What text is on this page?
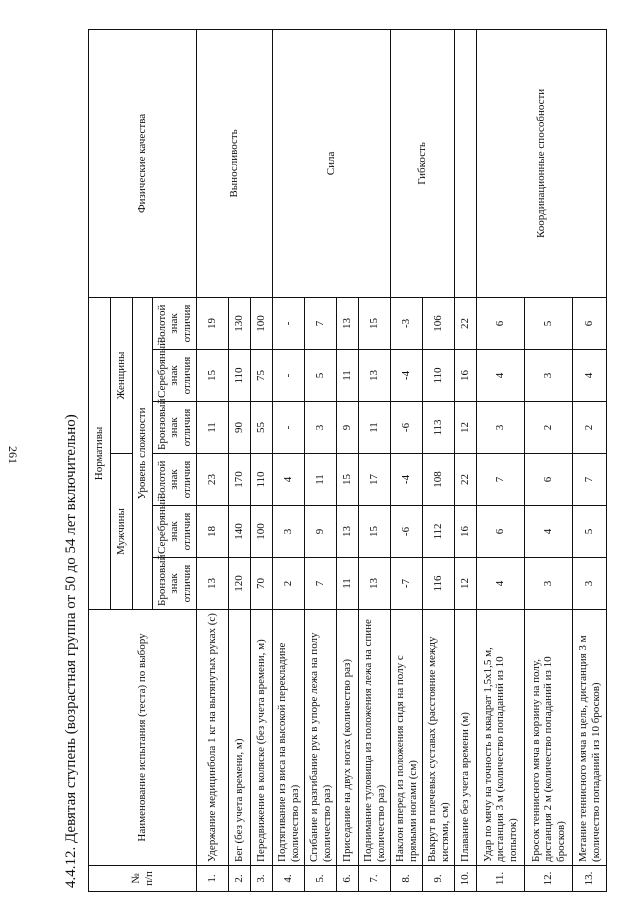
261	4.4.12. Девятая ступень (возрастная группа от 50 до 54 лет включительно)	№ п/п	Наименование испытания (теста) по выбору	Нормативы						Физические качества
		Мужчины			Женщины			
		Уровень сложности						
		Бронзовый знак отличия	Серебряный знак отличия	Золотой знак отличия	Бронзовый знак отличия	Серебряный знак отличия	Золотой знак отличия	
1.	Удержание медицинбола 1 кг на вытянутых руках (с)	13	18	23	11	15	19	Выносливость
2.	Бег (без учета времени, м)	120	140	170	90	110	130	
3.	Передвижение в коляске (без учета времени, м)	70	100	110	55	75	100	
4.	Подтягивание из виса на высокой перекладине (количество раз)	2	3	4	-	-	-	Сила
5.	Сгибание и разгибание рук в упоре лежа на полу (количество раз)	7	9	11	3	5	7	
6.	Приседание на двух ногах (количество раз)	11	13	15	9	11	13	
7.	Поднимание туловища из положения лежа на спине (количество раз)	13	15	17	11	13	15	
8.	Наклон вперед из положения сидя на полу с прямыми ногами (см)	-7	-6	-4	-6	-4	-3	Гибкость
9.	Выкрут в плечевых суставах (расстояние между кистями, см)	116	112	108	113	110	106	
10.	Плавание без учета времени (м)	12	16	22	12	16	22	
11.	Удар по мячу на точность в квадрат 1,5х1,5 м, дистанция 3 м (количество попаданий из 10 попыток)	4	6	7	3	4	6	Координационные способности
12.	Бросок теннисного мяча в корзину на полу, дистанция 2 м (количество попаданий из 10 бросков)	3	4	6	2	3	5	
13.	Метание теннисного мяча в цель, дистанция 3 м (количество попаданий из 10 бросков)	3	5	7	2	4	6	
